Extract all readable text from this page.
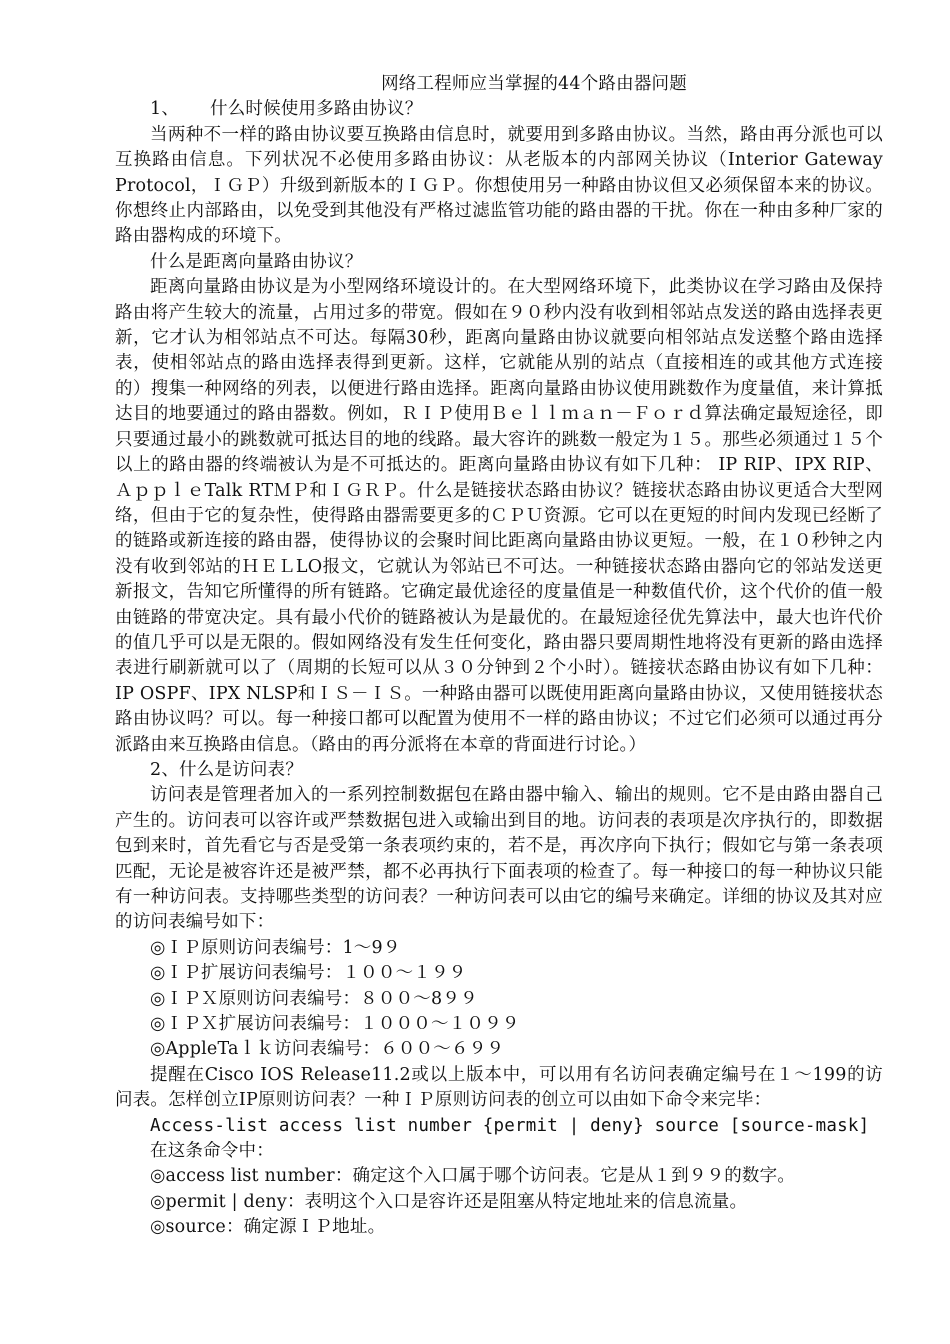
网络工程师应当掌握的44个路由器问题

1、 什么时候使用多路由协议？

当两种不一样的路由协议要互换路由信息时，就要用到多路由协议。当然，路由再分派也可以互换路由信息。下列状况不必使用多路由协议：从老版本的内部网关协议（Interior Gateway Protocol，ＩＧＰ）升级到新版本的ＩＧＰ。你想使用另一种路由协议但又必须保留本来的协议。你想终止内部路由，以免受到其他没有严格过滤监管功能的路由器的干扰。你在一种由多种厂家的路由器构成的环境下。

什么是距离向量路由协议？

距离向量路由协议是为小型网络环境设计的。在大型网络环境下，此类协议在学习路由及保持路由将产生较大的流量，占用过多的带宽。假如在９０秒内没有收到相邻站点发送的路由选择表更新，它才认为相邻站点不可达。每隔30秒，距离向量路由协议就要向相邻站点发送整个路由选择表，使相邻站点的路由选择表得到更新。这样，它就能从别的站点（直接相连的或其他方式连接的）搜集一种网络的列表，以便进行路由选择。距离向量路由协议使用跳数作为度量值，来计算抵达目的地要通过的路由器数。例如，ＲＩＰ使用Ｂｅｌｌｍａｎ－Ｆｏｒｄ算法确定最短途径，即只要通过最小的跳数就可抵达目的地的线路。最大容许的跳数一般定为１５。那些必须通过１５个以上的路由器的终端被认为是不可抵达的。距离向量路由协议有如下几种： IP RIP、IPX RIP、ＡｐｐｌｅTalk RTＭＰ和ＩＧＲＰ。什么是链接状态路由协议？链接状态路由协议更适合大型网络，但由于它的复杂性，使得路由器需要更多的ＣＰＵ资源。它可以在更短的时间内发现已经断了的链路或新连接的路由器，使得协议的会聚时间比距离向量路由协议更短。一般，在１０秒钟之内没有收到邻站的ＨＥＬLO报文，它就认为邻站已不可达。一种链接状态路由器向它的邻站发送更新报文，告知它所懂得的所有链路。它确定最优途径的度量值是一种数值代价，这个代价的值一般由链路的带宽决定。具有最小代价的链路被认为是最优的。在最短途径优先算法中，最大也许代价的值几乎可以是无限的。假如网络没有发生任何变化，路由器只要周期性地将没有更新的路由选择表进行刷新就可以了（周期的长短可以从３０分钟到２个小时）。链接状态路由协议有如下几种： IP OSPF、IPX NLSP和ＩＳ－ＩＳ。一种路由器可以既使用距离向量路由协议，又使用链接状态路由协议吗？可以。每一种接口都可以配置为使用不一样的路由协议；不过它们必须可以通过再分派路由来互换路由信息。（路由的再分派将在本章的背面进行讨论。）

2、什么是访问表？

访问表是管理者加入的一系列控制数据包在路由器中输入、输出的规则。它不是由路由器自己产生的。访问表可以容许或严禁数据包进入或输出到目的地。访问表的表项是次序执行的，即数据包到来时，首先看它与否是受第一条表项约束的，若不是，再次序向下执行；假如它与第一条表项匹配，无论是被容许还是被严禁，都不必再执行下面表项的检查了。每一种接口的每一种协议只能有一种访问表。支持哪些类型的访问表？一种访问表可以由它的编号来确定。详细的协议及其对应的访问表编号如下：

◎ＩＰ原则访问表编号：1～9９

◎ＩＰ扩展访问表编号：１００～１９９

◎ＩＰＸ原则访问表编号：８００～8９９

◎ＩＰＸ扩展访问表编号：１０００～１０９９

◎AppleTaｌｋ访问表编号：６００～６９９

提醒在Cisco IOS Release11.2或以上版本中，可以用有名访问表确定编号在１～199的访问表。怎样创立IP原则访问表？一种ＩＰ原则访问表的创立可以由如下命令来完毕：

Access-list access list number {permit | deny} source [source-mask]

在这条命令中：

◎access list number：确定这个入口属于哪个访问表。它是从１到９９的数字。

◎permit | deny：表明这个入口是容许还是阻塞从特定地址来的信息流量。

◎source：确定源ＩＰ地址。
